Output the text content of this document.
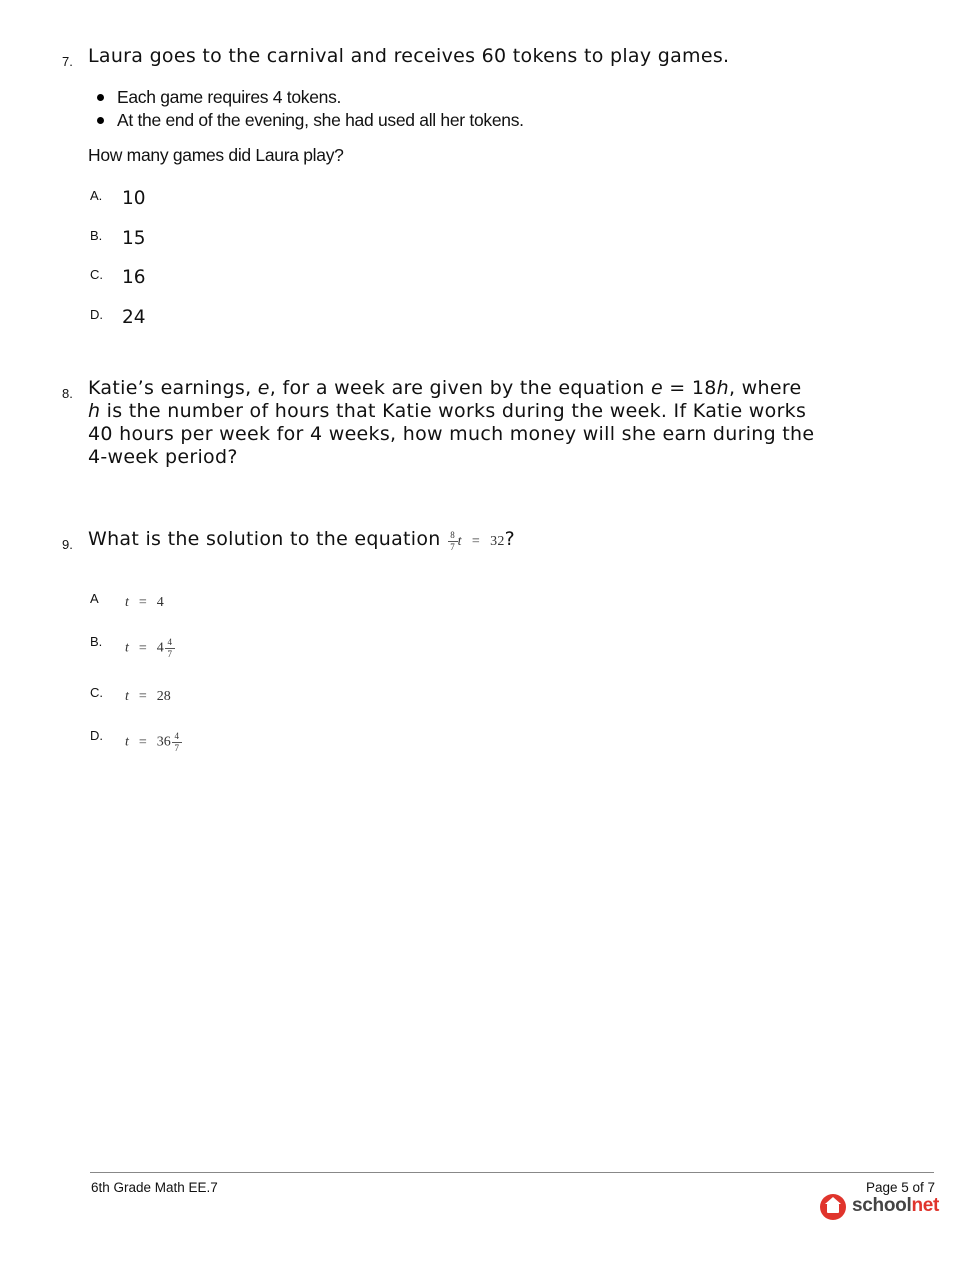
7. Laura goes to the carnival and receives 60 tokens to play games.
Each game requires 4 tokens.
At the end of the evening, she had used all her tokens.
How many games did Laura play?
A. 10
B. 15
C. 16
D. 24
8. Katie’s earnings, e, for a week are given by the equation e = 18h, where
h is the number of hours that Katie works during the week. If Katie works
40 hours per week for 4 weeks, how much money will she earn during the
4-week period?
9. What is the solution to the equation $\frac{8}{7}$ t = 32?
A t = 4
B. $t = 4 \frac{4}{7}$
C. t = 28
D. $t = 36 \frac{4}{7}$
6th Grade Math EE.7	Page 5 of 7
schoolnet
